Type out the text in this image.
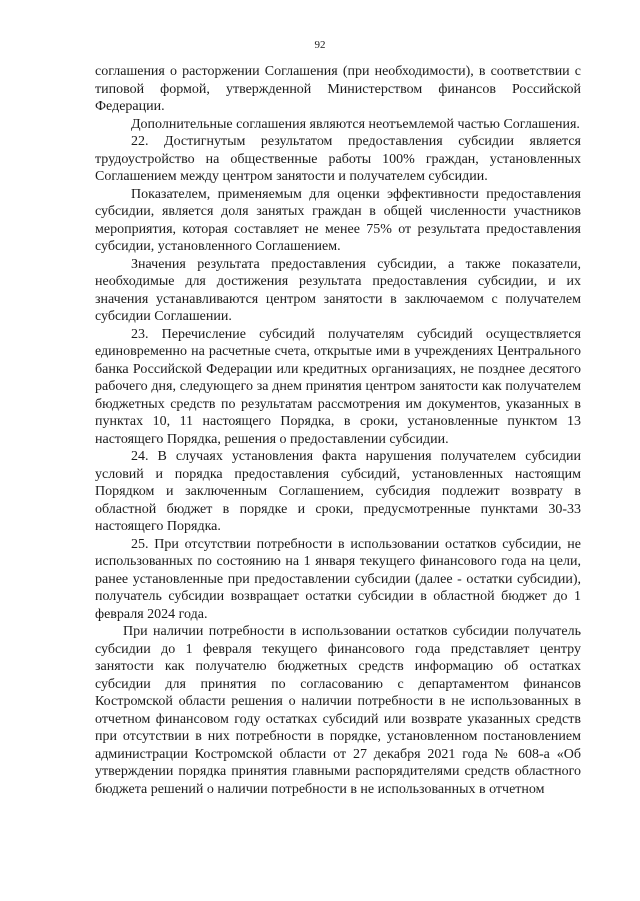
92

соглашения о расторжении Соглашения (при необходимости), в соответствии с типовой формой, утвержденной Министерством финансов Российской Федерации.

Дополнительные соглашения являются неотъемлемой частью Соглашения.

22. Достигнутым результатом предоставления субсидии является трудоустройство на общественные работы 100% граждан, установленных Соглашением между центром занятости и получателем субсидии.

Показателем, применяемым для оценки эффективности предоставления субсидии, является доля занятых граждан в общей численности участников мероприятия, которая составляет не менее 75% от результата предоставления субсидии, установленного Соглашением.

Значения результата предоставления субсидии, а также показатели, необходимые для достижения результата предоставления субсидии, и их значения устанавливаются центром занятости в заключаемом с получателем субсидии Соглашении.

23. Перечисление субсидий получателям субсидий осуществляется единовременно на расчетные счета, открытые ими в учреждениях Центрального банка Российской Федерации или кредитных организациях, не позднее десятого рабочего дня, следующего за днем принятия центром занятости как получателем бюджетных средств по результатам рассмотрения им документов, указанных в пунктах 10, 11 настоящего Порядка, в сроки, установленные пунктом 13 настоящего Порядка, решения о предоставлении субсидии.

24. В случаях установления факта нарушения получателем субсидии условий и порядка предоставления субсидий, установленных настоящим Порядком и заключенным Соглашением, субсидия подлежит возврату в областной бюджет в порядке и сроки, предусмотренные пунктами 30-33 настоящего Порядка.

25. При отсутствии потребности в использовании остатков субсидии, не использованных по состоянию на 1 января текущего финансового года на цели, ранее установленные при предоставлении субсидии (далее - остатки субсидии), получатель субсидии возвращает остатки субсидии в областной бюджет до 1 февраля 2024 года.

При наличии потребности в использовании остатков субсидии получатель субсидии до 1 февраля текущего финансового года представляет центру занятости как получателю бюджетных средств информацию об остатках субсидии для принятия по согласованию с департаментом финансов Костромской области решения о наличии потребности в не использованных в отчетном финансовом году остатках субсидий или возврате указанных средств при отсутствии в них потребности в порядке, установленном постановлением администрации Костромской области от 27 декабря 2021 года № 608-а «Об утверждении порядка принятия главными распорядителями средств областного бюджета решений о наличии потребности в не использованных в отчетном
